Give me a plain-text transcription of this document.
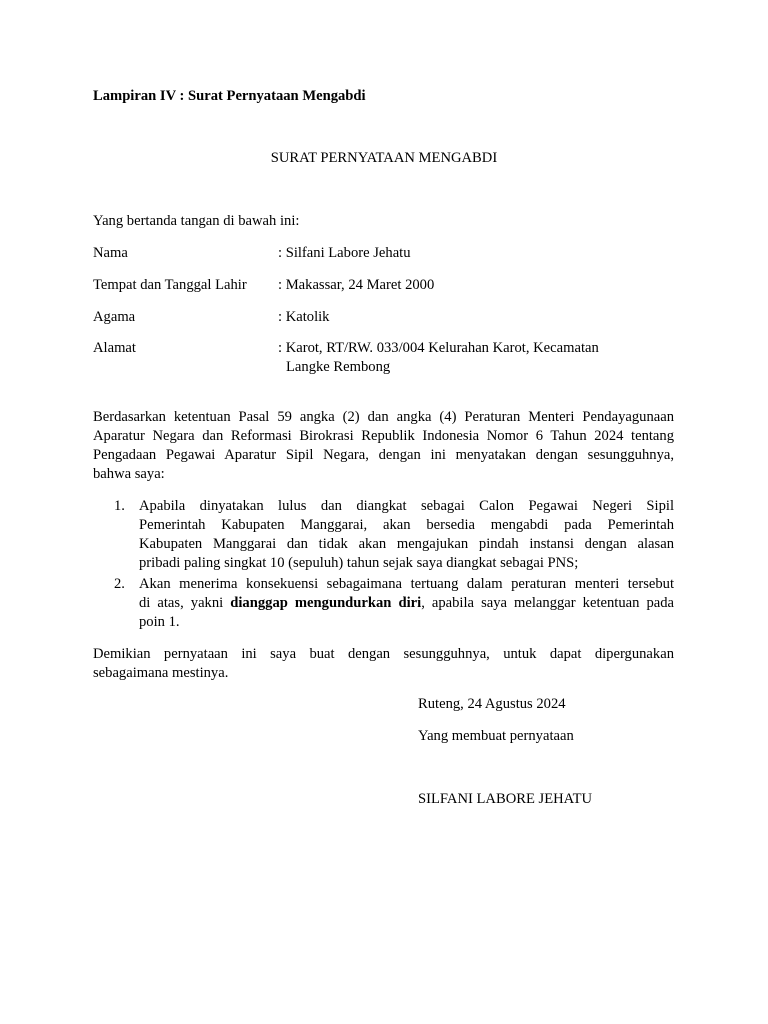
Lampiran IV : Surat Pernyataan Mengabdi
SURAT PERNYATAAN MENGABDI
Yang bertanda tangan di bawah ini:
Nama	: Silfani Labore Jehatu
Tempat dan Tanggal Lahir : Makassar, 24 Maret 2000
Agama	: Katolik
Alamat	: Karot, RT/RW. 033/004 Kelurahan Karot, Kecamatan
Langke Rembong
Berdasarkan ketentuan Pasal 59 angka (2) dan angka (4) Peraturan Menteri Pendayagunaan
Aparatur Negara dan Reformasi Birokrasi Republik Indonesia Nomor 6 Tahun 2024 tentang
Pengadaan Pegawai Aparatur Sipil Negara, dengan ini menyatakan dengan sesungguhnya,
bahwa saya:
1. Apabila dinyatakan lulus dan diangkat sebagai Calon Pegawai Negeri Sipil
Pemerintah Kabupaten Manggarai, akan bersedia mengabdi pada Pemerintah
Kabupaten Manggarai dan tidak akan mengajukan pindah instansi dengan alasan
pribadi paling singkat 10 (sepuluh) tahun sejak saya diangkat sebagai PNS;
2. Akan menerima konsekuensi sebagaimana tertuang dalam peraturan menteri tersebut
di atas, yakni dianggap mengundurkan diri, apabila saya melanggar ketentuan pada
poin 1.
Demikian pernyataan ini saya buat dengan sesungguhnya, untuk dapat dipergunakan
sebagaimana mestinya.
Ruteng, 24 Agustus 2024
Yang membuat pernyataan
SILFANI LABORE JEHATU
